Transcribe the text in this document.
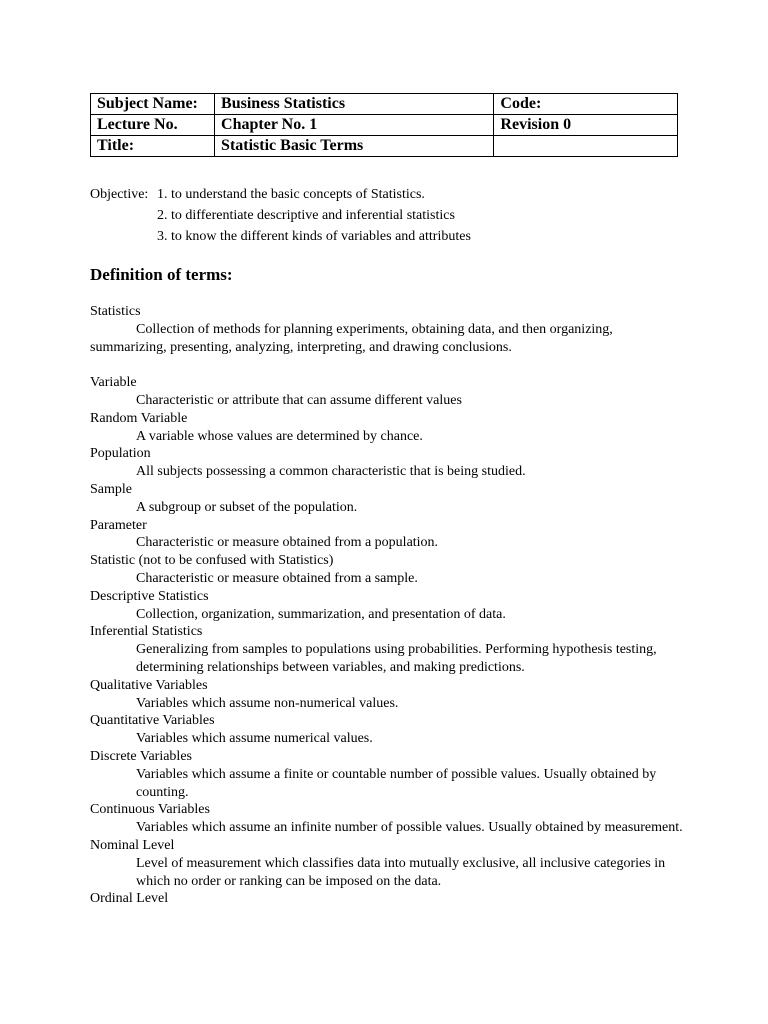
Subject Name:	Business Statistics	Code:
Lecture No.	Chapter No. 1	Revision 0
Title:	Statistic Basic Terms	
Objective: 1. to understand the basic concepts of Statistics.
2. to differentiate descriptive and inferential statistics
3. to know the different kinds of variables and attributes
Definition of terms:
Statistics
Collection of methods for planning experiments, obtaining data, and then organizing, summarizing, presenting, analyzing, interpreting, and drawing conclusions.
Variable
Characteristic or attribute that can assume different values
Random Variable
A variable whose values are determined by chance.
Population
All subjects possessing a common characteristic that is being studied.
Sample
A subgroup or subset of the population.
Parameter
Characteristic or measure obtained from a population.
Statistic (not to be confused with Statistics)
Characteristic or measure obtained from a sample.
Descriptive Statistics
Collection, organization, summarization, and presentation of data.
Inferential Statistics
Generalizing from samples to populations using probabilities. Performing hypothesis testing, determining relationships between variables, and making predictions.
Qualitative Variables
Variables which assume non-numerical values.
Quantitative Variables
Variables which assume numerical values.
Discrete Variables
Variables which assume a finite or countable number of possible values. Usually obtained by counting.
Continuous Variables
Variables which assume an infinite number of possible values. Usually obtained by measurement.
Nominal Level
Level of measurement which classifies data into mutually exclusive, all inclusive categories in which no order or ranking can be imposed on the data.
Ordinal Level
